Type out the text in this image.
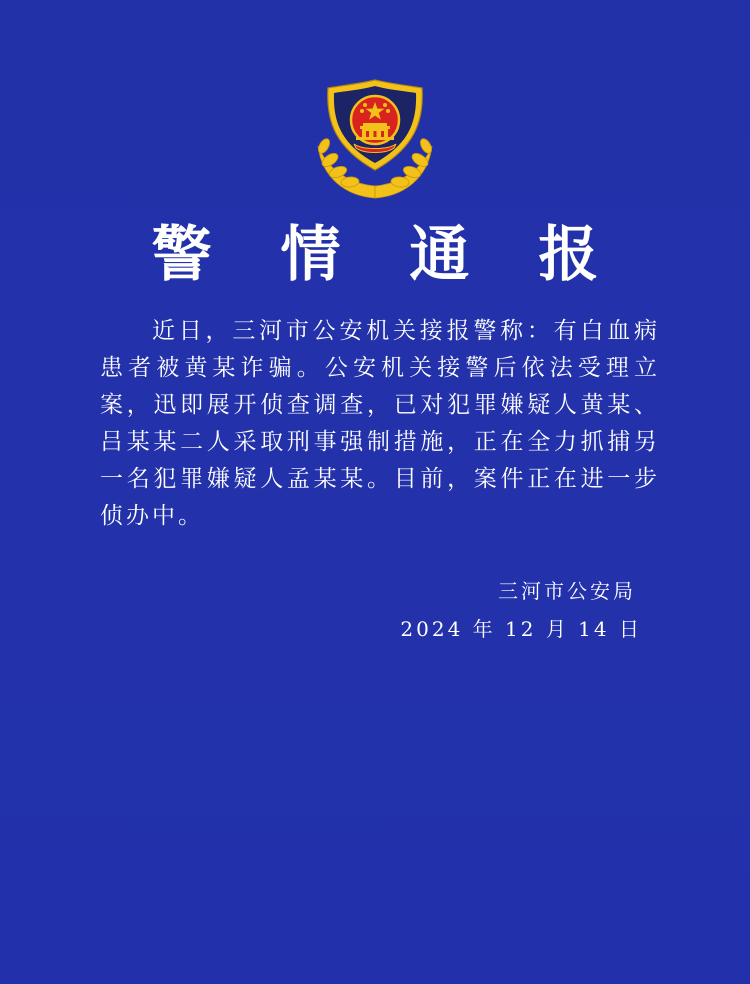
警 情 通 报

近日，三河市公安机关接报警称：有白血病患者被黄某诈骗。公安机关接警后依法受理立案，迅即展开侦查调查，已对犯罪嫌疑人黄某、吕某某二人采取刑事强制措施，正在全力抓捕另一名犯罪嫌疑人孟某某。目前，案件正在进一步侦办中。

三河市公安局
2024 年 12 月 14 日
